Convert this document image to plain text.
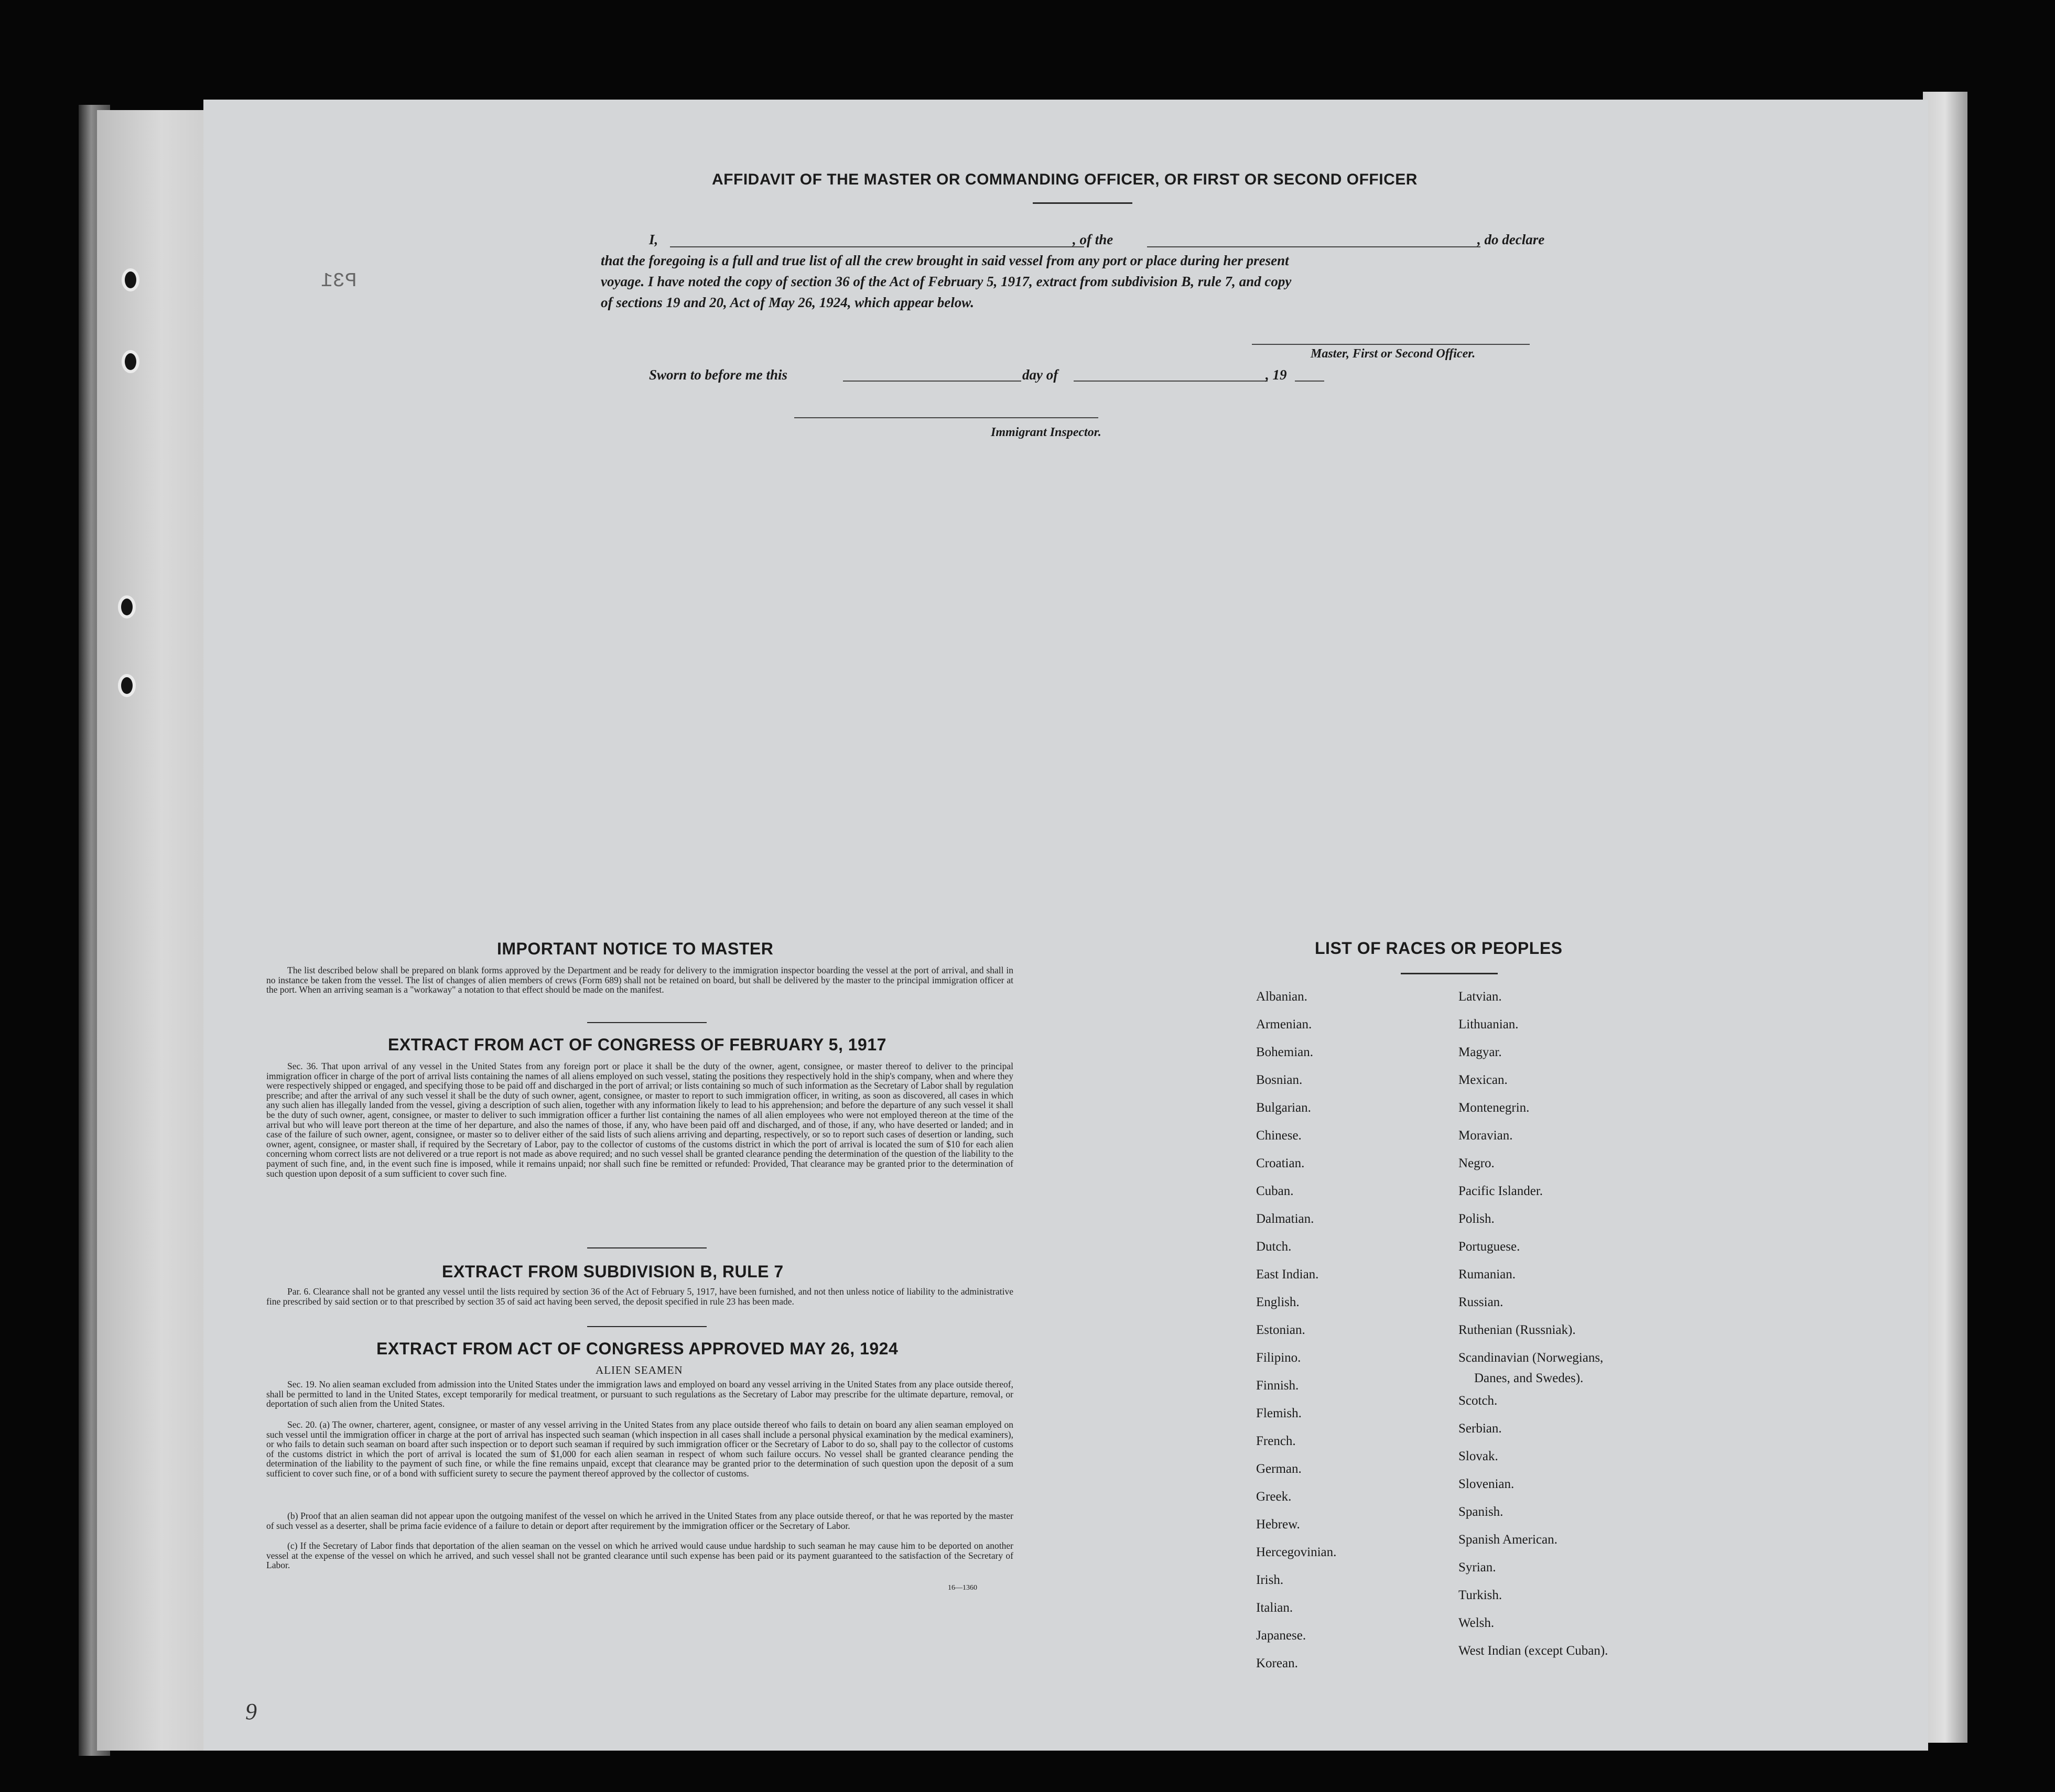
P31
9
AFFIDAVIT OF THE MASTER OR COMMANDING OFFICER, OR FIRST OR SECOND OFFICER
I,	, of the	, do declare
that the foregoing is a full and true list of all the crew brought in said vessel from any port or place during her present
voyage. I have noted the copy of section 36 of the Act of February 5, 1917, extract from subdivision B, rule 7, and copy
of sections 19 and 20, Act of May 26, 1924, which appear below.
Master, First or Second Officer.
Sworn to before me this	day of	, 19
Immigrant Inspector.
IMPORTANT NOTICE TO MASTER
The list described below shall be prepared on blank forms approved by the Department and be ready for delivery to the immigration inspector boarding the vessel at the port of arrival, and shall in no instance be taken from the vessel. The list of changes of alien members of crews (Form 689) shall not be retained on board, but shall be delivered by the master to the principal immigration officer at the port. When an arriving seaman is a "workaway" a notation to that effect should be made on the manifest.
EXTRACT FROM ACT OF CONGRESS OF FEBRUARY 5, 1917
Sec. 36. That upon arrival of any vessel in the United States from any foreign port or place it shall be the duty of the owner, agent, consignee, or master thereof to deliver to the principal immigration officer in charge of the port of arrival lists containing the names of all aliens employed on such vessel, stating the positions they respectively hold in the ship's company, when and where they were respectively shipped or engaged, and specifying those to be paid off and discharged in the port of arrival; or lists containing so much of such information as the Secretary of Labor shall by regulation prescribe; and after the arrival of any such vessel it shall be the duty of such owner, agent, consignee, or master to report to such immigration officer, in writing, as soon as discovered, all cases in which any such alien has illegally landed from the vessel, giving a description of such alien, together with any information likely to lead to his apprehension; and before the departure of any such vessel it shall be the duty of such owner, agent, consignee, or master to deliver to such immigration officer a further list containing the names of all alien employees who were not employed thereon at the time of the arrival but who will leave port thereon at the time of her departure, and also the names of those, if any, who have been paid off and discharged, and of those, if any, who have deserted or landed; and in case of the failure of such owner, agent, consignee, or master so to deliver either of the said lists of such aliens arriving and departing, respectively, or so to report such cases of desertion or landing, such owner, agent, consignee, or master shall, if required by the Secretary of Labor, pay to the collector of customs of the customs district in which the port of arrival is located the sum of $10 for each alien concerning whom correct lists are not delivered or a true report is not made as above required; and no such vessel shall be granted clearance pending the determination of the question of the liability to the payment of such fine, and, in the event such fine is imposed, while it remains unpaid; nor shall such fine be remitted or refunded: Provided, That clearance may be granted prior to the determination of such question upon deposit of a sum sufficient to cover such fine.
EXTRACT FROM SUBDIVISION B, RULE 7
Par. 6. Clearance shall not be granted any vessel until the lists required by section 36 of the Act of February 5, 1917, have been furnished, and not then unless notice of liability to the administrative fine prescribed by said section or to that prescribed by section 35 of said act having been served, the deposit specified in rule 23 has been made.
EXTRACT FROM ACT OF CONGRESS APPROVED MAY 26, 1924
ALIEN SEAMEN
Sec. 19. No alien seaman excluded from admission into the United States under the immigration laws and employed on board any vessel arriving in the United States from any place outside thereof, shall be permitted to land in the United States, except temporarily for medical treatment, or pursuant to such regulations as the Secretary of Labor may prescribe for the ultimate departure, removal, or deportation of such alien from the United States.
Sec. 20. (a) The owner, charterer, agent, consignee, or master of any vessel arriving in the United States from any place outside thereof who fails to detain on board any alien seaman employed on such vessel until the immigration officer in charge at the port of arrival has inspected such seaman (which inspection in all cases shall include a personal physical examination by the medical examiners), or who fails to detain such seaman on board after such inspection or to deport such seaman if required by such immigration officer or the Secretary of Labor to do so, shall pay to the collector of customs of the customs district in which the port of arrival is located the sum of $1,000 for each alien seaman in respect of whom such failure occurs. No vessel shall be granted clearance pending the determination of the liability to the payment of such fine, or while the fine remains unpaid, except that clearance may be granted prior to the determination of such question upon the deposit of a sum sufficient to cover such fine, or of a bond with sufficient surety to secure the payment thereof approved by the collector of customs.
(b) Proof that an alien seaman did not appear upon the outgoing manifest of the vessel on which he arrived in the United States from any place outside thereof, or that he was reported by the master of such vessel as a deserter, shall be prima facie evidence of a failure to detain or deport after requirement by the immigration officer or the Secretary of Labor.
(c) If the Secretary of Labor finds that deportation of the alien seaman on the vessel on which he arrived would cause undue hardship to such seaman he may cause him to be deported on another vessel at the expense of the vessel on which he arrived, and such vessel shall not be granted clearance until such expense has been paid or its payment guaranteed to the satisfaction of the Secretary of Labor.
16—1360
LIST OF RACES OR PEOPLES
Albanian.
Armenian.
Bohemian.
Bosnian.
Bulgarian.
Chinese.
Croatian.
Cuban.
Dalmatian.
Dutch.
East Indian.
English.
Estonian.
Filipino.
Finnish.
Flemish.
French.
German.
Greek.
Hebrew.
Hercegovinian.
Irish.
Italian.
Japanese.
Korean.
Latvian.
Lithuanian.
Magyar.
Mexican.
Montenegrin.
Moravian.
Negro.
Pacific Islander.
Polish.
Portuguese.
Rumanian.
Russian.
Ruthenian (Russniak).
Scandinavian (Norwegians,
Scotch.
Serbian.
Slovak.
Slovenian.
Spanish.
Spanish American.
Syrian.
Turkish.
Welsh.
West Indian (except Cuban).
Danes, and Swedes).
